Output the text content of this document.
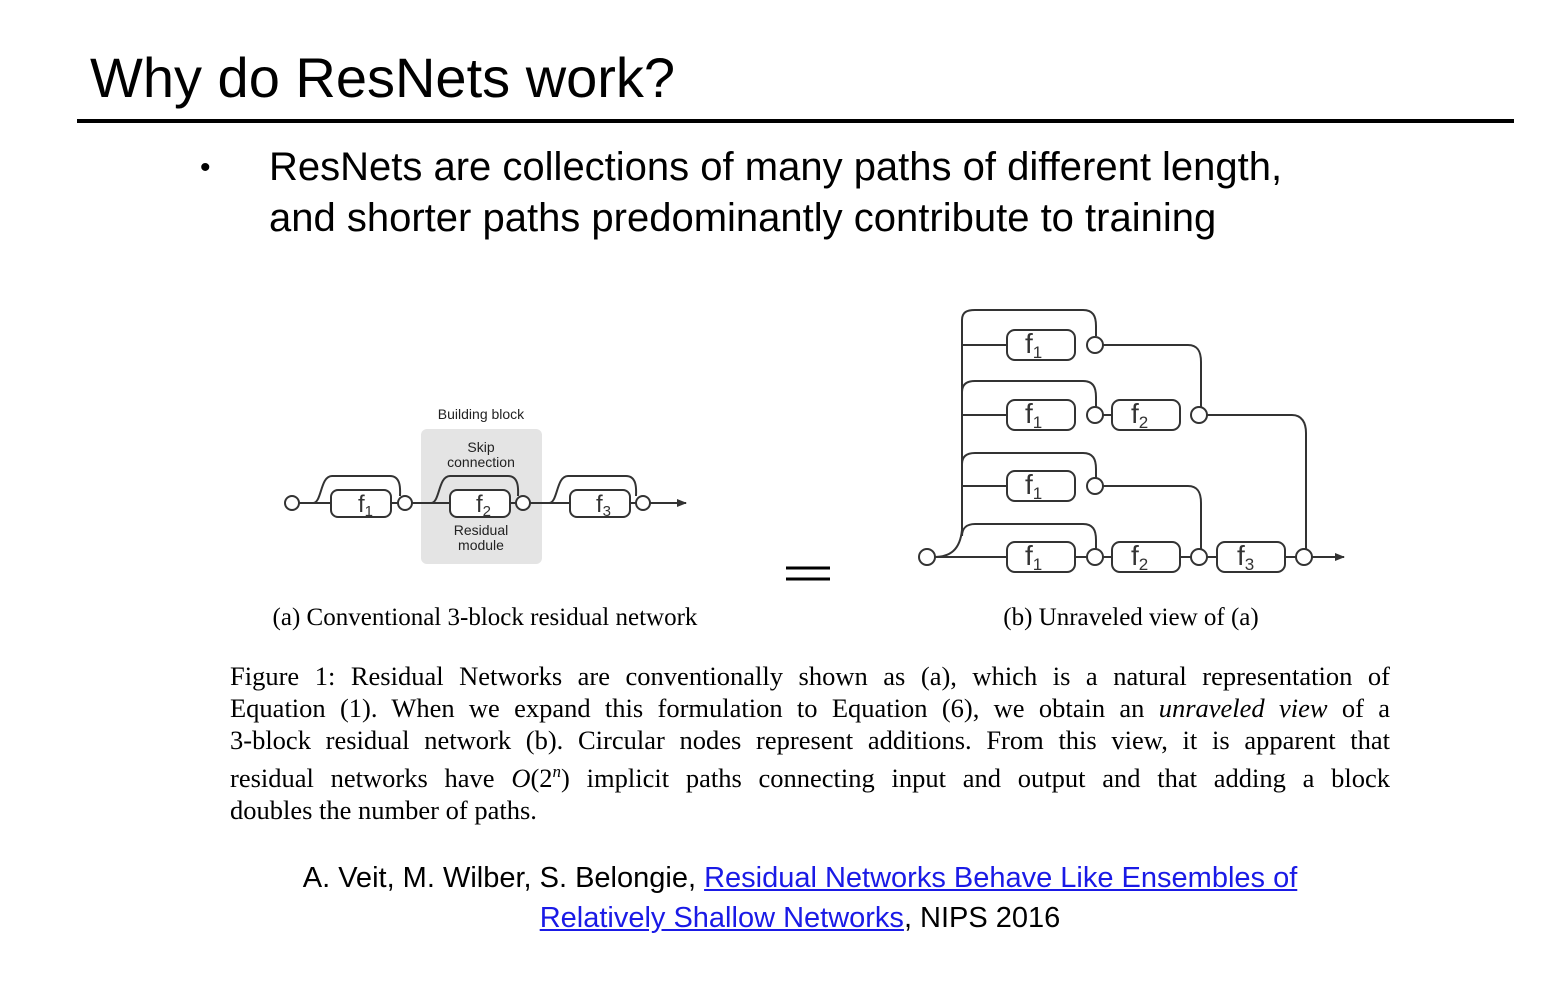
Why do ResNets work?
• ResNets are collections of many paths of different length,
and shorter paths predominantly contribute to training
Building block
Skip
connection
Residual
module
f1	f2	f3
f1
f1	f2
f1
f1	f2	f3
(a) Conventional 3-block residual network	(b) Unraveled view of (a)
Figure 1: Residual Networks are conventionally shown as (a), which is a natural representation of
Equation (1). When we expand this formulation to Equation (6), we obtain an unraveled view of a
3-block residual network (b). Circular nodes represent additions. From this view, it is apparent that
residual networks have O(2$^n$) implicit paths connecting input and output and that adding a block
doubles the number of paths.
A. Veit, M. Wilber, S. Belongie, Residual Networks Behave Like Ensembles of
Relatively Shallow Networks, NIPS 2016
